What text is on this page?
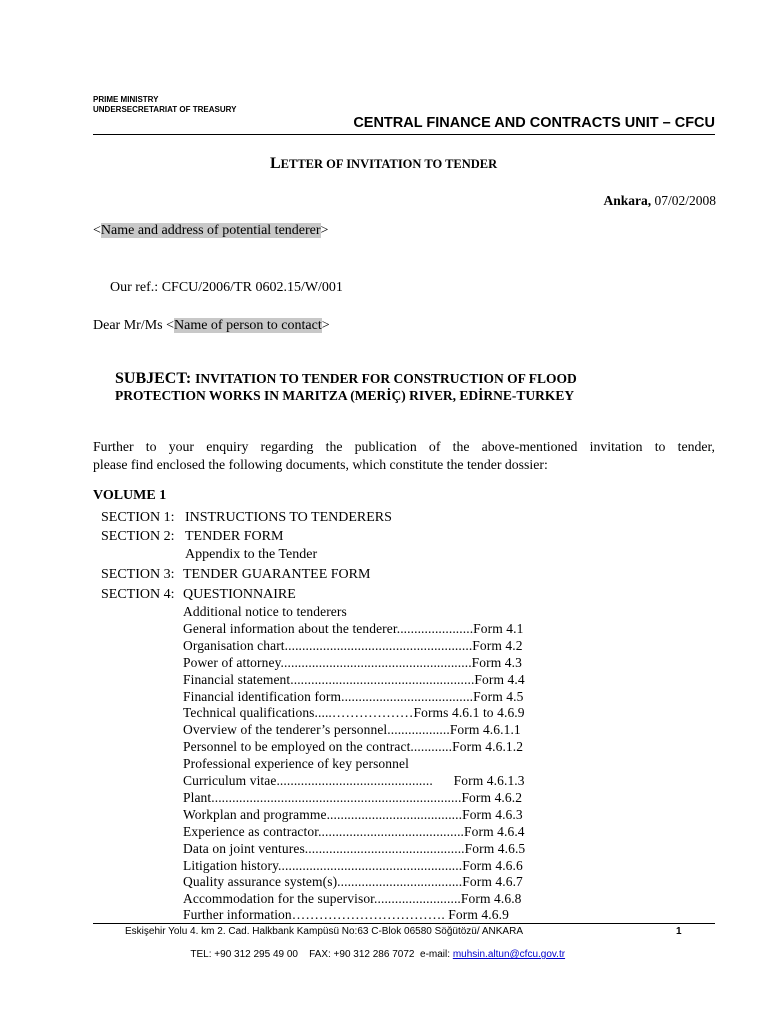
PRIME MINISTRY
UNDERSECRETARIAT OF TREASURY
CENTRAL FINANCE AND CONTRACTS UNIT – CFCU
LETTER OF INVITATION TO TENDER
Ankara, 07/02/2008
<Name and address of potential tenderer>
Our ref.: CFCU/2006/TR 0602.15/W/001
Dear Mr/Ms <Name of person to contact>
SUBJECT: INVITATION TO TENDER FOR CONSTRUCTION OF FLOOD
PROTECTION WORKS IN MARITZA (MERİÇ) RIVER, EDİRNE-TURKEY
Further to your enquiry regarding the publication of the above-mentioned invitation to tender,
please find enclosed the following documents, which constitute the tender dossier:
VOLUME 1
SECTION 1: INSTRUCTIONS TO TENDERERS
SECTION 2: TENDER FORM
Appendix to the Tender
SECTION 3: TENDER GUARANTEE FORM
SECTION 4: QUESTIONNAIRE
Additional notice to tenderers
General information about the tenderer......................Form 4.1
Organisation chart......................................................Form 4.2
Power of attorney.......................................................Form 4.3
Financial statement.....................................................Form 4.4
Financial identification form......................................Form 4.5
Technical qualifications.....………………Forms 4.6.1 to 4.6.9
Overview of the tenderer’s personnel..................Form 4.6.1.1
Personnel to be employed on the contract............Form 4.6.1.2
Professional experience of key personnel
Curriculum vitae.............................................      Form 4.6.1.3
Plant........................................................................Form 4.6.2
Workplan and programme.......................................Form 4.6.3
Experience as contractor..........................................Form 4.6.4
Data on joint ventures..............................................Form 4.6.5
Litigation history.....................................................Form 4.6.6
Quality assurance system(s)....................................Form 4.6.7
Accommodation for the supervisor.........................Form 4.6.8
Further information……………………………. Form 4.6.9
Eskişehir Yolu 4. km 2. Cad. Halkbank Kampüsü No:63 C-Blok 06580 Söğütözü/ ANKARA	1

TEL: +90 312 295 49 00    FAX: +90 312 286 7072  e-mail: muhsin.altun@cfcu.gov.tr
